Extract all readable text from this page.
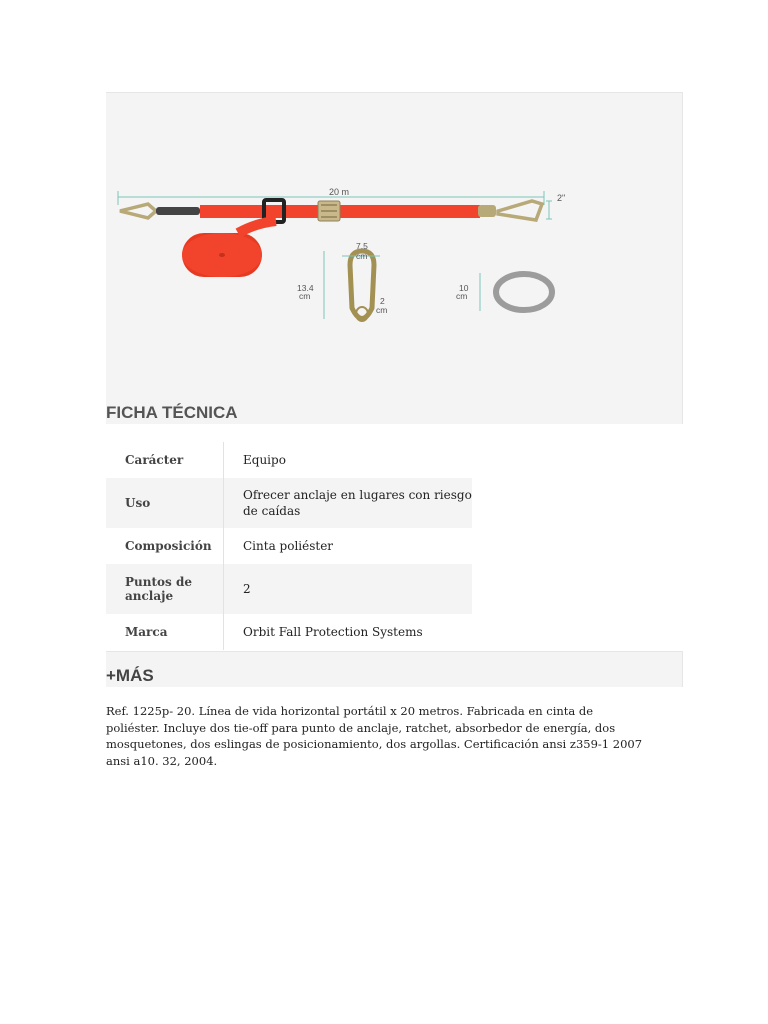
20 m
2"
7.5
cm
13.4
cm	2
cm
10
cm
FICHA TÉCNICA
Carácter	Equipo
Uso	Ofrecer anclaje en lugares con riesgo de caídas
Composición	Cinta poliéster
Puntos de anclaje	2
Marca	Orbit Fall Protection Systems
+MÁS

Ref. 1225p- 20. Línea de vida horizontal portátil x 20 metros. Fabricada en cinta de poliéster. Incluye dos tie-off para punto de anclaje, ratchet, absorbedor de energía, dos mosquetones, dos eslingas de posicionamiento, dos argollas. Certificación ansi z359-1 2007 ansi a10. 32, 2004.
